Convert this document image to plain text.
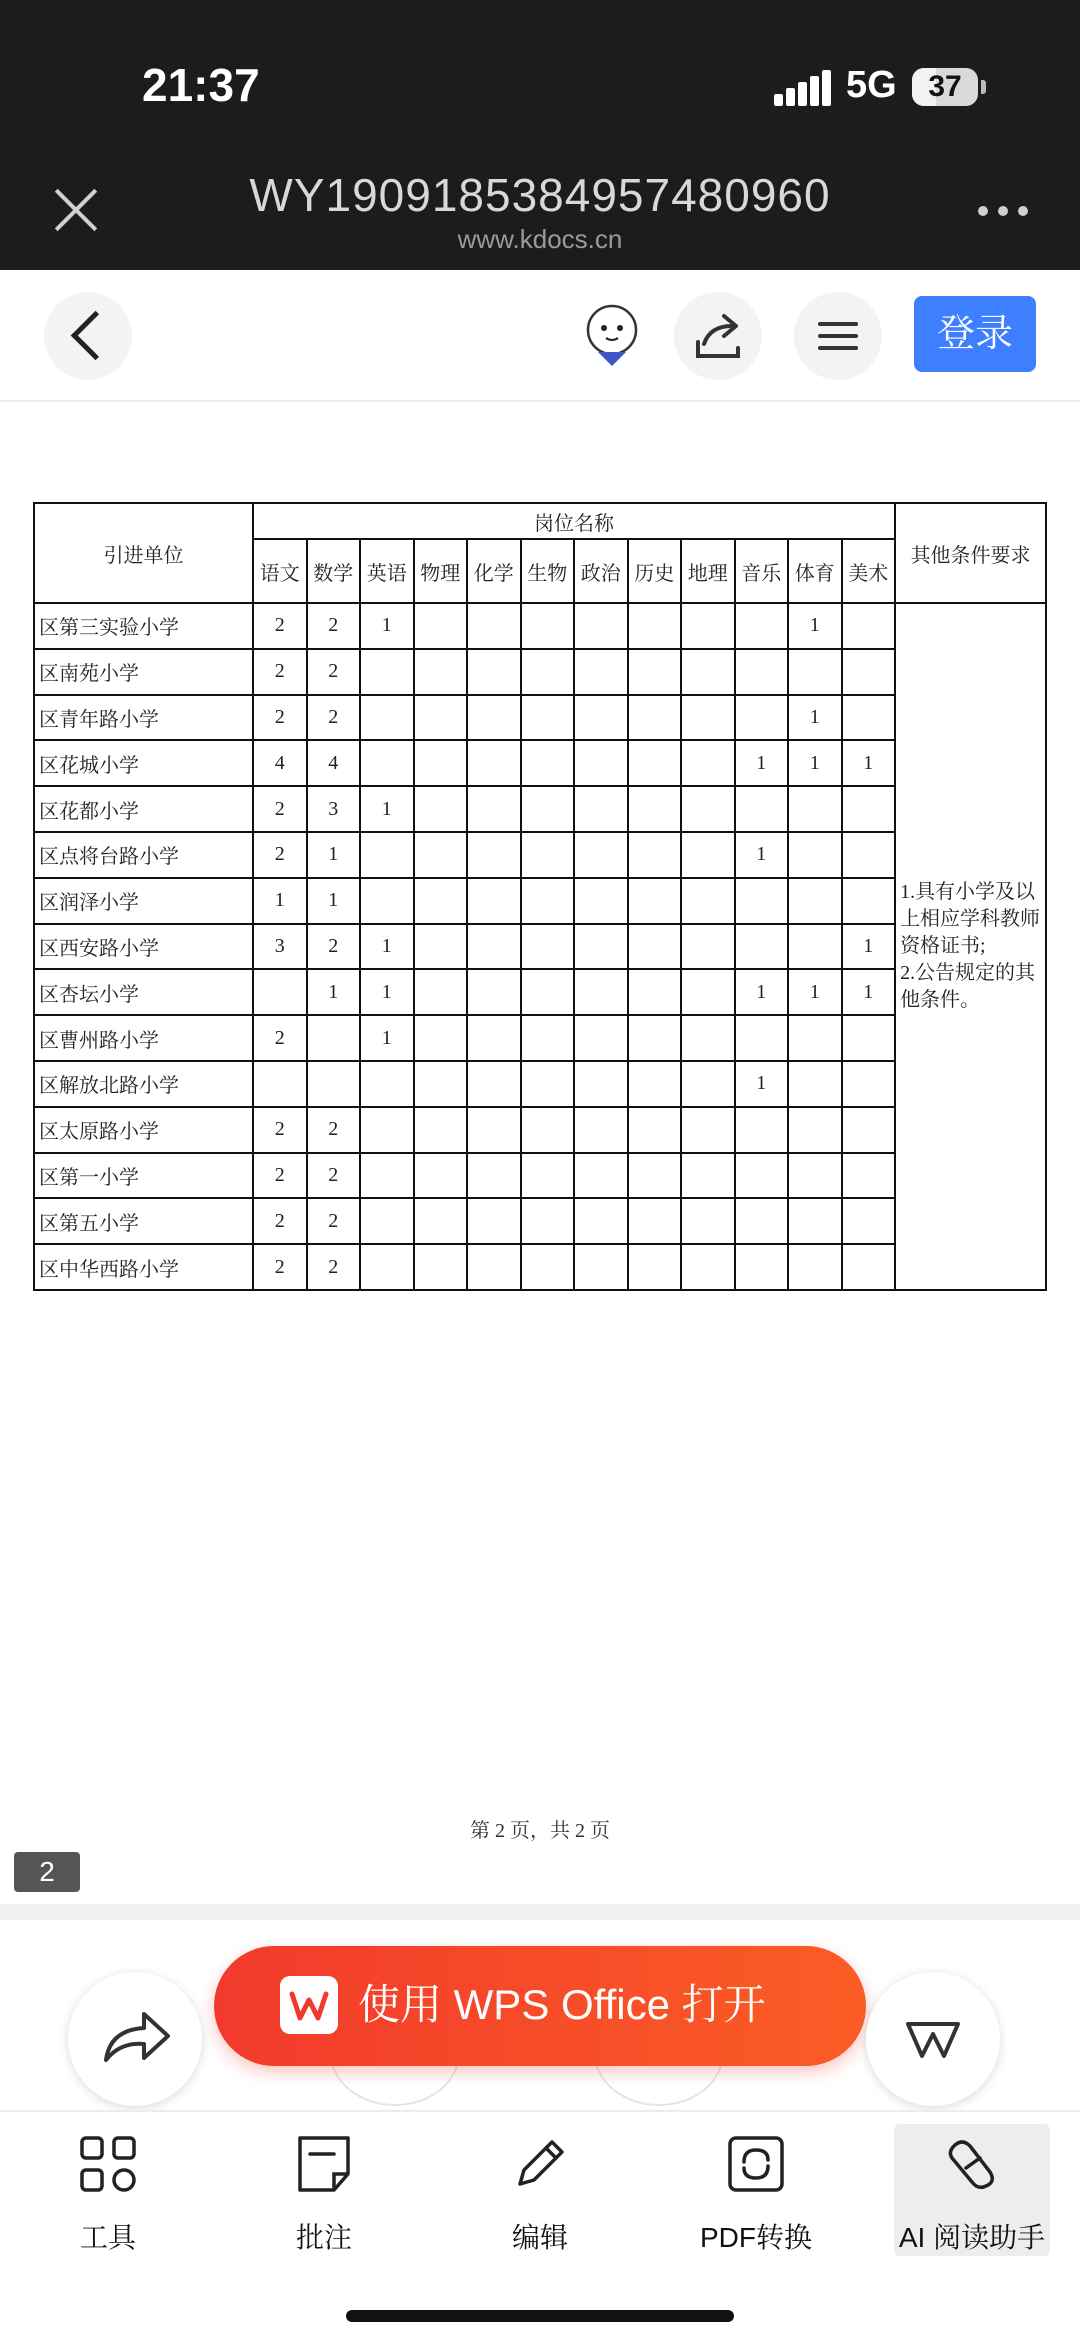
21:37	5G	37
WY1909185384957480960
www.kdocs.cn
登录
引进单位	岗位名称												其他条件要求
	语文	数学	英语	物理	化学	生物	政治	历史	地理	音乐	体育	美术	
区第三实验小学	2	2	1								1		1.具有小学及以上相应学科教师资格证书;
2.公告规定的其他条件。

区南苑小学	2	2											
区青年路小学	2	2									1		
区花城小学	4	4								1	1	1	
区花都小学	2	3	1										
区点将台路小学	2	1								1			
区润泽小学	1	1											
区西安路小学	3	2	1									1	
区杏坛小学		1	1							1	1	1	
区曹州路小学	2		1										
区解放北路小学										1			
区太原路小学	2	2											
区第一小学	2	2											
区第五小学	2	2											
区中华西路小学	2	2											
第 2 页，共 2 页
2
使用 WPS Office 打开
工具	批注	编辑	PDF转换	AI 阅读助手
